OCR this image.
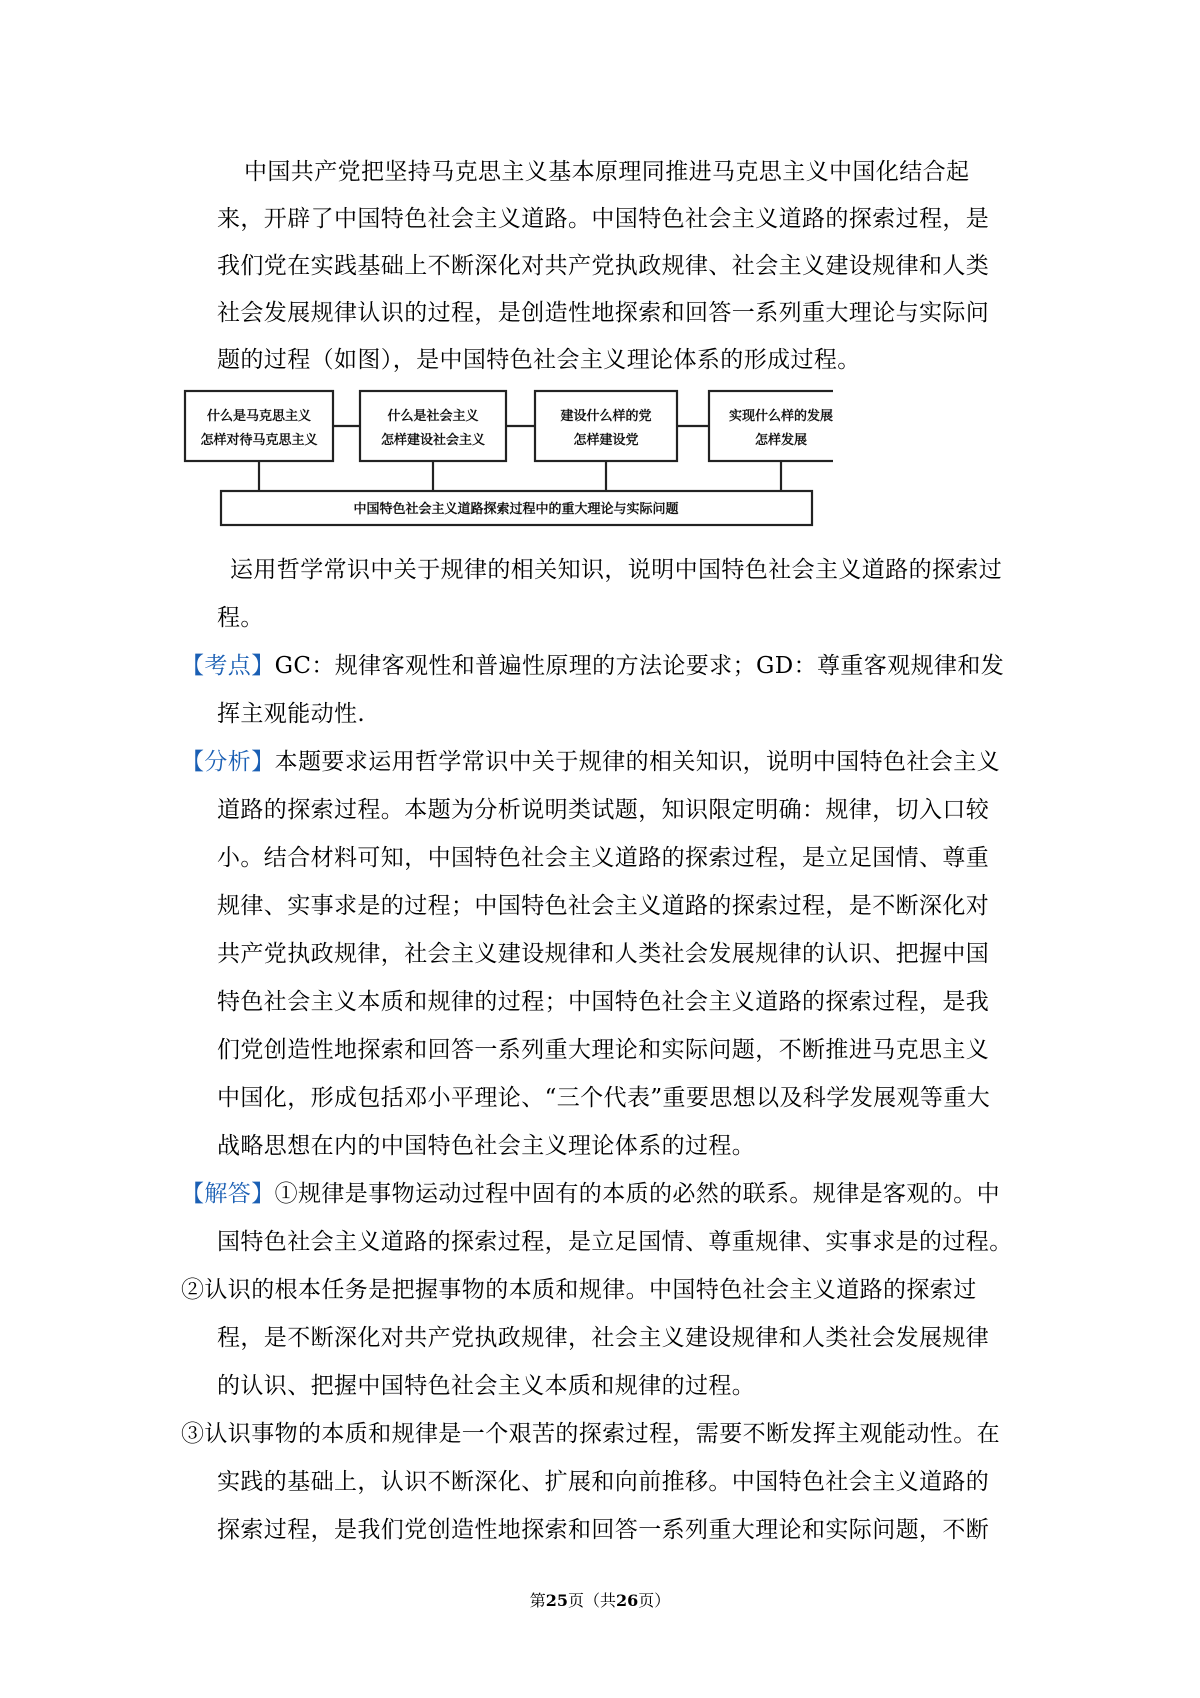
中国共产党把坚持马克思主义基本原理同推进马克思主义中国化结合起
来，开辟了中国特色社会主义道路。中国特色社会主义道路的探索过程，是
我们党在实践基础上不断深化对共产党执政规律、社会主义建设规律和人类
社会发展规律认识的过程，是创造性地探索和回答一系列重大理论与实际问
题的过程（如图），是中国特色社会主义理论体系的形成过程。
什么是马克思主义
怎样对待马克思主义
什么是社会主义
怎样建设社会主义
建设什么样的党
怎样建设党
实现什么样的发展
怎样发展
中国特色社会主义道路探索过程中的重大理论与实际问题
运用哲学常识中关于规律的相关知识，说明中国特色社会主义道路的探索过
程。
【考点】GC：规律客观性和普遍性原理的方法论要求；GD：尊重客观规律和发
挥主观能动性.
【分析】本题要求运用哲学常识中关于规律的相关知识，说明中国特色社会主义
道路的探索过程。本题为分析说明类试题，知识限定明确：规律，切入口较
小。结合材料可知，中国特色社会主义道路的探索过程，是立足国情、尊重
规律、实事求是的过程；中国特色社会主义道路的探索过程，是不断深化对
共产党执政规律，社会主义建设规律和人类社会发展规律的认识、把握中国
特色社会主义本质和规律的过程；中国特色社会主义道路的探索过程，是我
们党创造性地探索和回答一系列重大理论和实际问题，不断推进马克思主义
中国化，形成包括邓小平理论、“三个代表”重要思想以及科学发展观等重大
战略思想在内的中国特色社会主义理论体系的过程。
【解答】①规律是事物运动过程中固有的本质的必然的联系。规律是客观的。中
国特色社会主义道路的探索过程，是立足国情、尊重规律、实事求是的过程。
②认识的根本任务是把握事物的本质和规律。中国特色社会主义道路的探索过
程，是不断深化对共产党执政规律，社会主义建设规律和人类社会发展规律
的认识、把握中国特色社会主义本质和规律的过程。
③认识事物的本质和规律是一个艰苦的探索过程，需要不断发挥主观能动性。在
实践的基础上，认识不断深化、扩展和向前推移。中国特色社会主义道路的
探索过程，是我们党创造性地探索和回答一系列重大理论和实际问题，不断
第25页（共26页）
